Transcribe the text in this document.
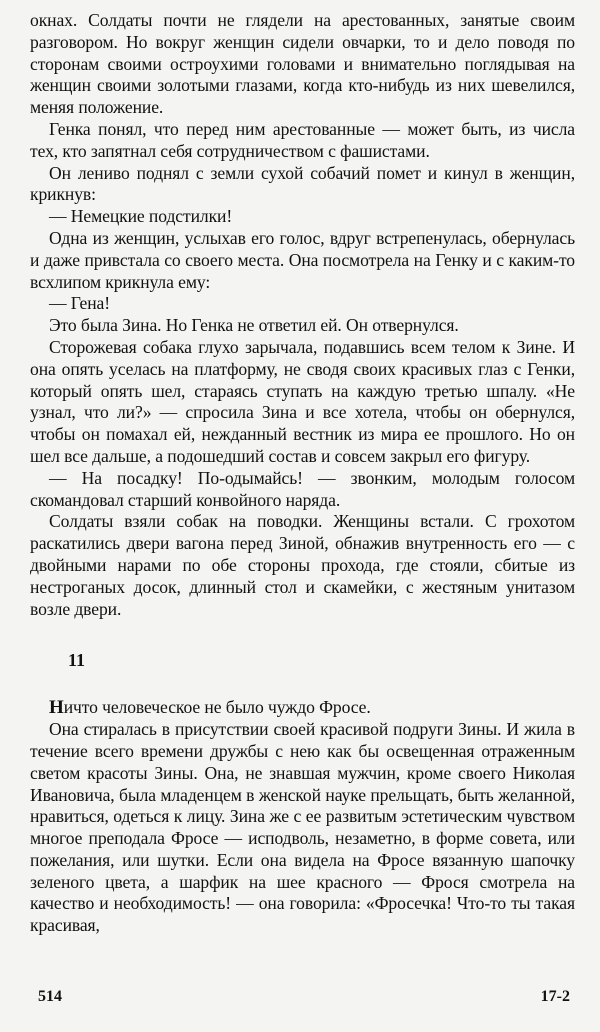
окнах. Солдаты почти не глядели на арестованных, занятые своим разговором. Но вокруг женщин сидели овчарки, то и дело поводя по сторонам своими остроухими головами и внимательно поглядывая на женщин своими золотыми глазами, когда кто-нибудь из них шевелился, меняя положение.

Генка понял, что перед ним арестованные — может быть, из числа тех, кто запятнал себя сотрудничеством с фашистами.

Он лениво поднял с земли сухой собачий помет и кинул в женщин, крикнув:

— Немецкие подстилки!

Одна из женщин, услыхав его голос, вдруг встрепенулась, обернулась и даже привстала со своего места. Она посмотрела на Генку и с каким-то всхлипом крикнула ему:

— Гена!

Это была Зина. Но Генка не ответил ей. Он отвернулся.

Сторожевая собака глухо зарычала, подавшись всем телом к Зине. И она опять уселась на платформу, не сводя своих красивых глаз с Генки, который опять шел, стараясь ступать на каждую третью шпалу. «Не узнал, что ли?» — спросила Зина и все хотела, чтобы он обернулся, чтобы он помахал ей, нежданный вестник из мира ее прошлого. Но он шел все дальше, а подошедший состав и совсем закрыл его фигуру.

— На посадку! По-одымайсь! — звонким, молодым голосом скомандовал старший конвойного наряда.

Солдаты взяли собак на поводки. Женщины встали. С грохотом раскатились двери вагона перед Зиной, обнажив внутренность его — с двойными нарами по обе стороны прохода, где стояли, сбитые из нестроганых досок, длинный стол и скамейки, с жестяным унитазом возле двери.

11

Ничто человеческое не было чуждо Фросе.

Она стиралась в присутствии своей красивой подруги Зины. И жила в течение всего времени дружбы с нею как бы освещенная отраженным светом красоты Зины. Она, не знавшая мужчин, кроме своего Николая Ивановича, была младенцем в женской науке прельщать, быть желанной, нравиться, одеться к лицу. Зина же с ее развитым эстетическим чувством многое преподала Фросе — исподволь, незаметно, в форме совета, или пожелания, или шутки. Если она видела на Фросе вязанную шапочку зеленого цвета, а шарфик на шее красного — Фрося смотрела на качество и необходимость! — она говорила: «Фросечка! Что-то ты такая красивая,

514	17-2
